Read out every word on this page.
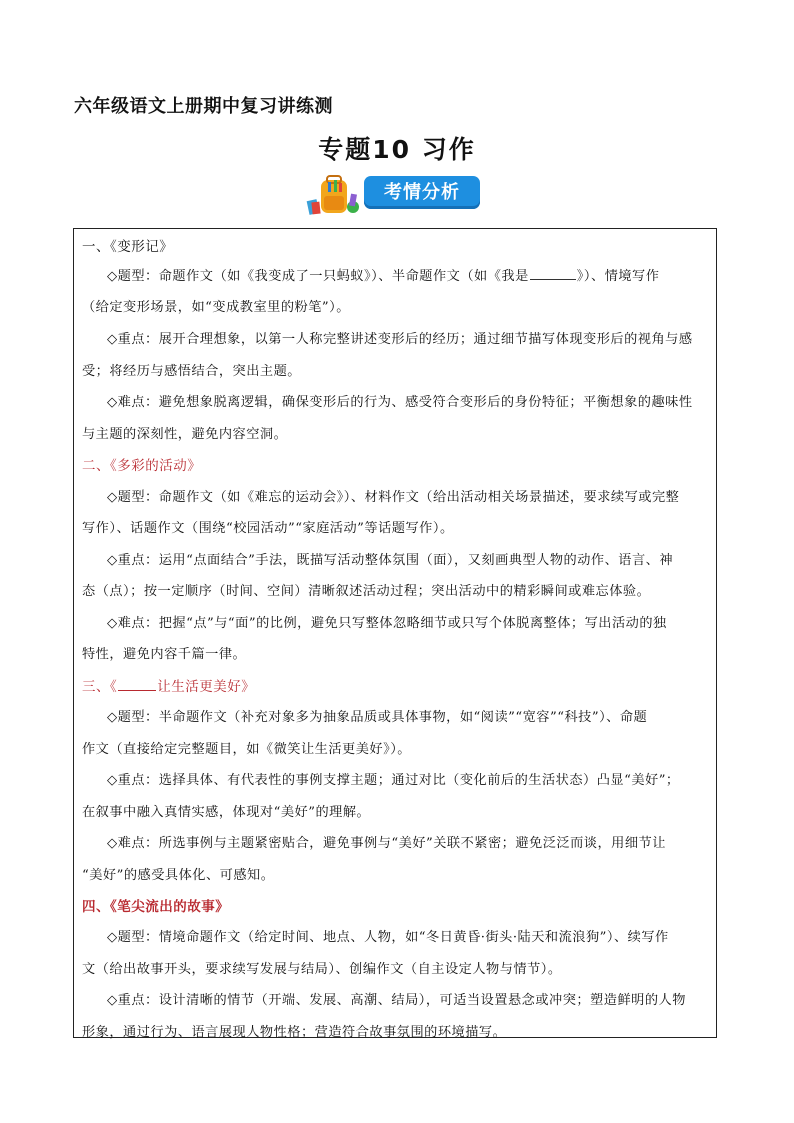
六年级语文上册期中复习讲练测
专题10 习作
考情分析
一、《变形记》
◇题型：命题作文（如《我变成了一只蚂蚁》）、半命题作文（如《我是	》）、情境写作
（给定变形场景，如“变成教室里的粉笔”）。
◇重点：展开合理想象，以第一人称完整讲述变形后的经历；通过细节描写体现变形后的视角与感
受；将经历与感悟结合，突出主题。
◇难点：避免想象脱离逻辑，确保变形后的行为、感受符合变形后的身份特征；平衡想象的趣味性
与主题的深刻性，避免内容空洞。
二、《多彩的活动》
◇题型：命题作文（如《难忘的运动会》）、材料作文（给出活动相关场景描述，要求续写或完整
写作）、话题作文（围绕“校园活动”“家庭活动”等话题写作）。
◇重点：运用“点面结合”手法，既描写活动整体氛围（面），又刻画典型人物的动作、语言、神
态（点）；按一定顺序（时间、空间）清晰叙述活动过程；突出活动中的精彩瞬间或难忘体验。
◇难点：把握“点”与“面”的比例，避免只写整体忽略细节或只写个体脱离整体；写出活动的独
特性，避免内容千篇一律。
三、《	让生活更美好》
◇题型：半命题作文（补充对象多为抽象品质或具体事物，如“阅读”“宽容”“科技”）、命题
作文（直接给定完整题目，如《微笑让生活更美好》）。
◇重点：选择具体、有代表性的事例支撑主题；通过对比（变化前后的生活状态）凸显“美好”；
在叙事中融入真情实感，体现对“美好”的理解。
◇难点：所选事例与主题紧密贴合，避免事例与“美好”关联不紧密；避免泛泛而谈，用细节让
“美好”的感受具体化、可感知。
四、《笔尖流出的故事》
◇题型：情境命题作文（给定时间、地点、人物，如“冬日黄昏·街头·陆天和流浪狗”）、续写作
文（给出故事开头，要求续写发展与结局）、创编作文（自主设定人物与情节）。
◇重点：设计清晰的情节（开端、发展、高潮、结局），可适当设置悬念或冲突；塑造鲜明的人物
形象，通过行为、语言展现人物性格；营造符合故事氛围的环境描写。
